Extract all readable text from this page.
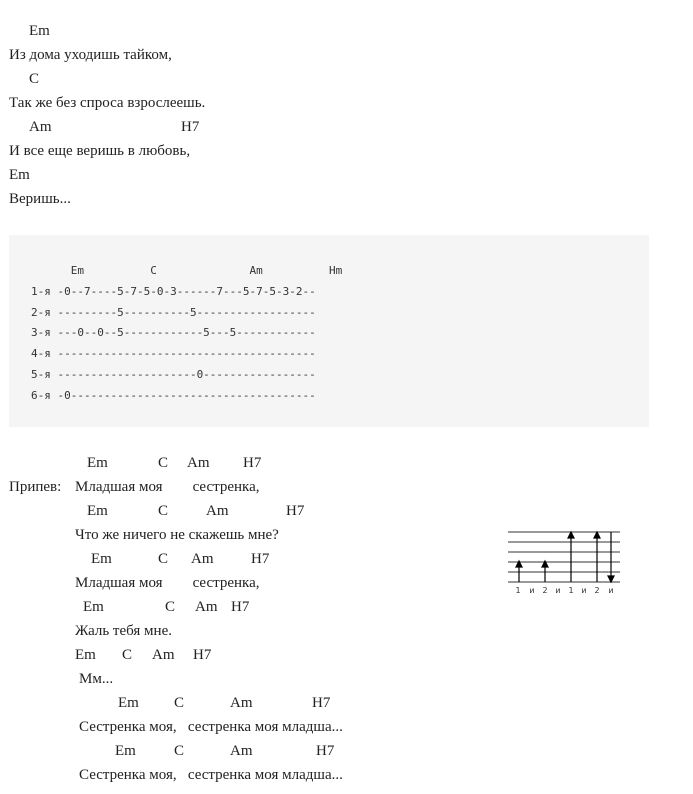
Em
Из дома уходишь тайком,
C
Так же без спроса взрослеешь.
Am	H7
И все еще веришь в любовь,
Em
Веришь...
Em          C              Am          Hm
1-я -0--7----5-7-5-0-3------7---5-7-5-3-2--
2-я ---------5----------5------------------
3-я ---0--0--5------------5---5------------
4-я ---------------------------------------
5-я ---------------------0-----------------
6-я -0-------------------------------------
Em	C Am H7
Припев: Младшая моя        сестренка,
Em	C	Am	H7
Что же ничего не скажешь мне?
Em	C Am	H7
Младшая моя        сестренка,
Em	C Am H7
Жаль тебя мне.
Em C Am H7
Мм...
Em C	Am	H7
Сестренка моя,   сестренка моя младша...
Em	C	Am	H7
Сестренка моя,   сестренка моя младша...
1 и 2 и 1 и 2 и
